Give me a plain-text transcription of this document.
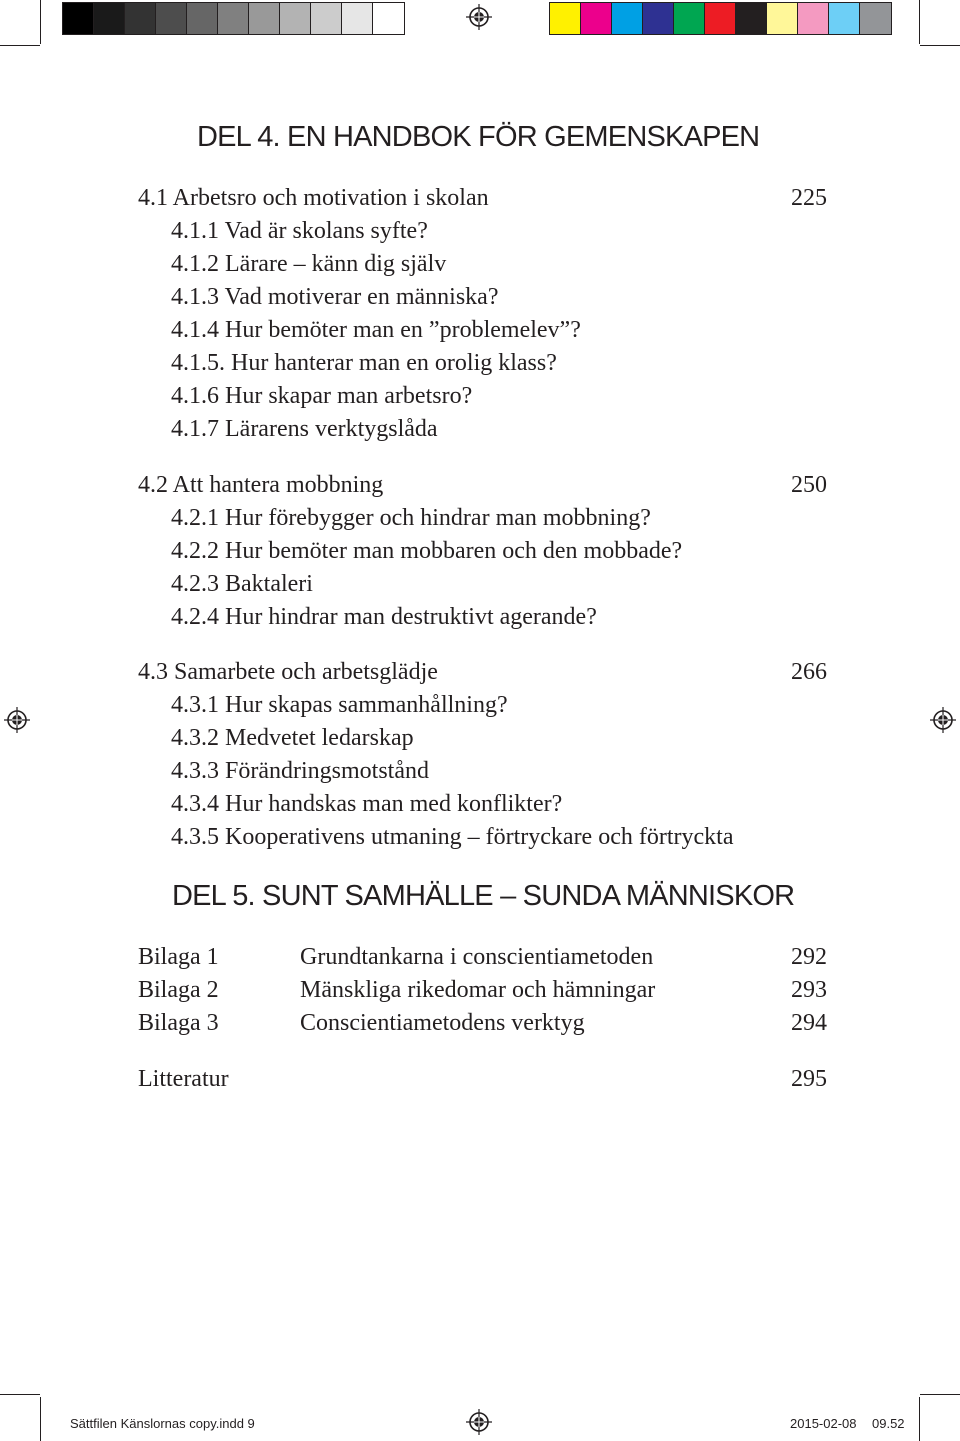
DEL 4. EN HANDBOK FÖR GEMENSKAPEN
4.1 Arbetsro och motivation i skolan	225
4.1.1 Vad är skolans syfte?
4.1.2 Lärare – känn dig själv
4.1.3 Vad motiverar en människa?
4.1.4 Hur bemöter man en ”problemelev”?
4.1.5. Hur hanterar man en orolig klass?
4.1.6 Hur skapar man arbetsro?
4.1.7 Lärarens verktygslåda
4.2 Att hantera mobbning	250
4.2.1 Hur förebygger och hindrar man mobbning?
4.2.2 Hur bemöter man mobbaren och den mobbade?
4.2.3 Baktaleri
4.2.4 Hur hindrar man destruktivt agerande?
4.3 Samarbete och arbetsglädje	266
4.3.1 Hur skapas sammanhållning?
4.3.2 Medvetet ledarskap
4.3.3 Förändringsmotstånd
4.3.4 Hur handskas man med konflikter?
4.3.5 Kooperativens utmaning – förtryckare och förtryckta
DEL 5. SUNT SAMHÄLLE – SUNDA MÄNNISKOR
Bilaga 1	Grundtankarna i conscientiametoden	292
Bilaga 2	Mänskliga rikedomar och hämningar	293
Bilaga 3	Conscientiametodens verktyg	294
Litteratur	295
Sättfilen Känslornas copy.indd 9	2015-02-08 09.52
